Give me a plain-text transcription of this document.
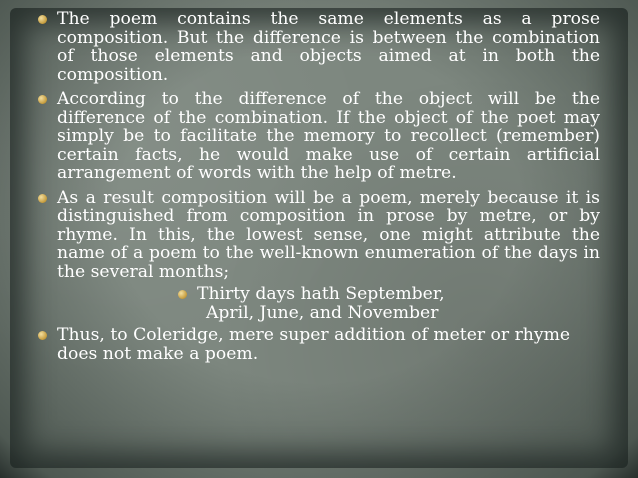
The poem contains the same elements as a prose composition. But the difference is between the combination of those elements and objects aimed at in both the composition.
According to the difference of the object will be the difference of the combination. If the object of the poet may simply be to facilitate the memory to recollect (remember) certain facts, he would make use of certain artificial arrangement of words with the help of metre.
As a result composition will be a poem, merely because it is distinguished from composition in prose by metre, or by rhyme. In this, the lowest sense, one might attribute the name of a poem to the well-known enumeration of the days in the several months;
Thirty days hath September,
April, June, and November
Thus, to Coleridge, mere super addition of meter or rhyme does not make a poem.
